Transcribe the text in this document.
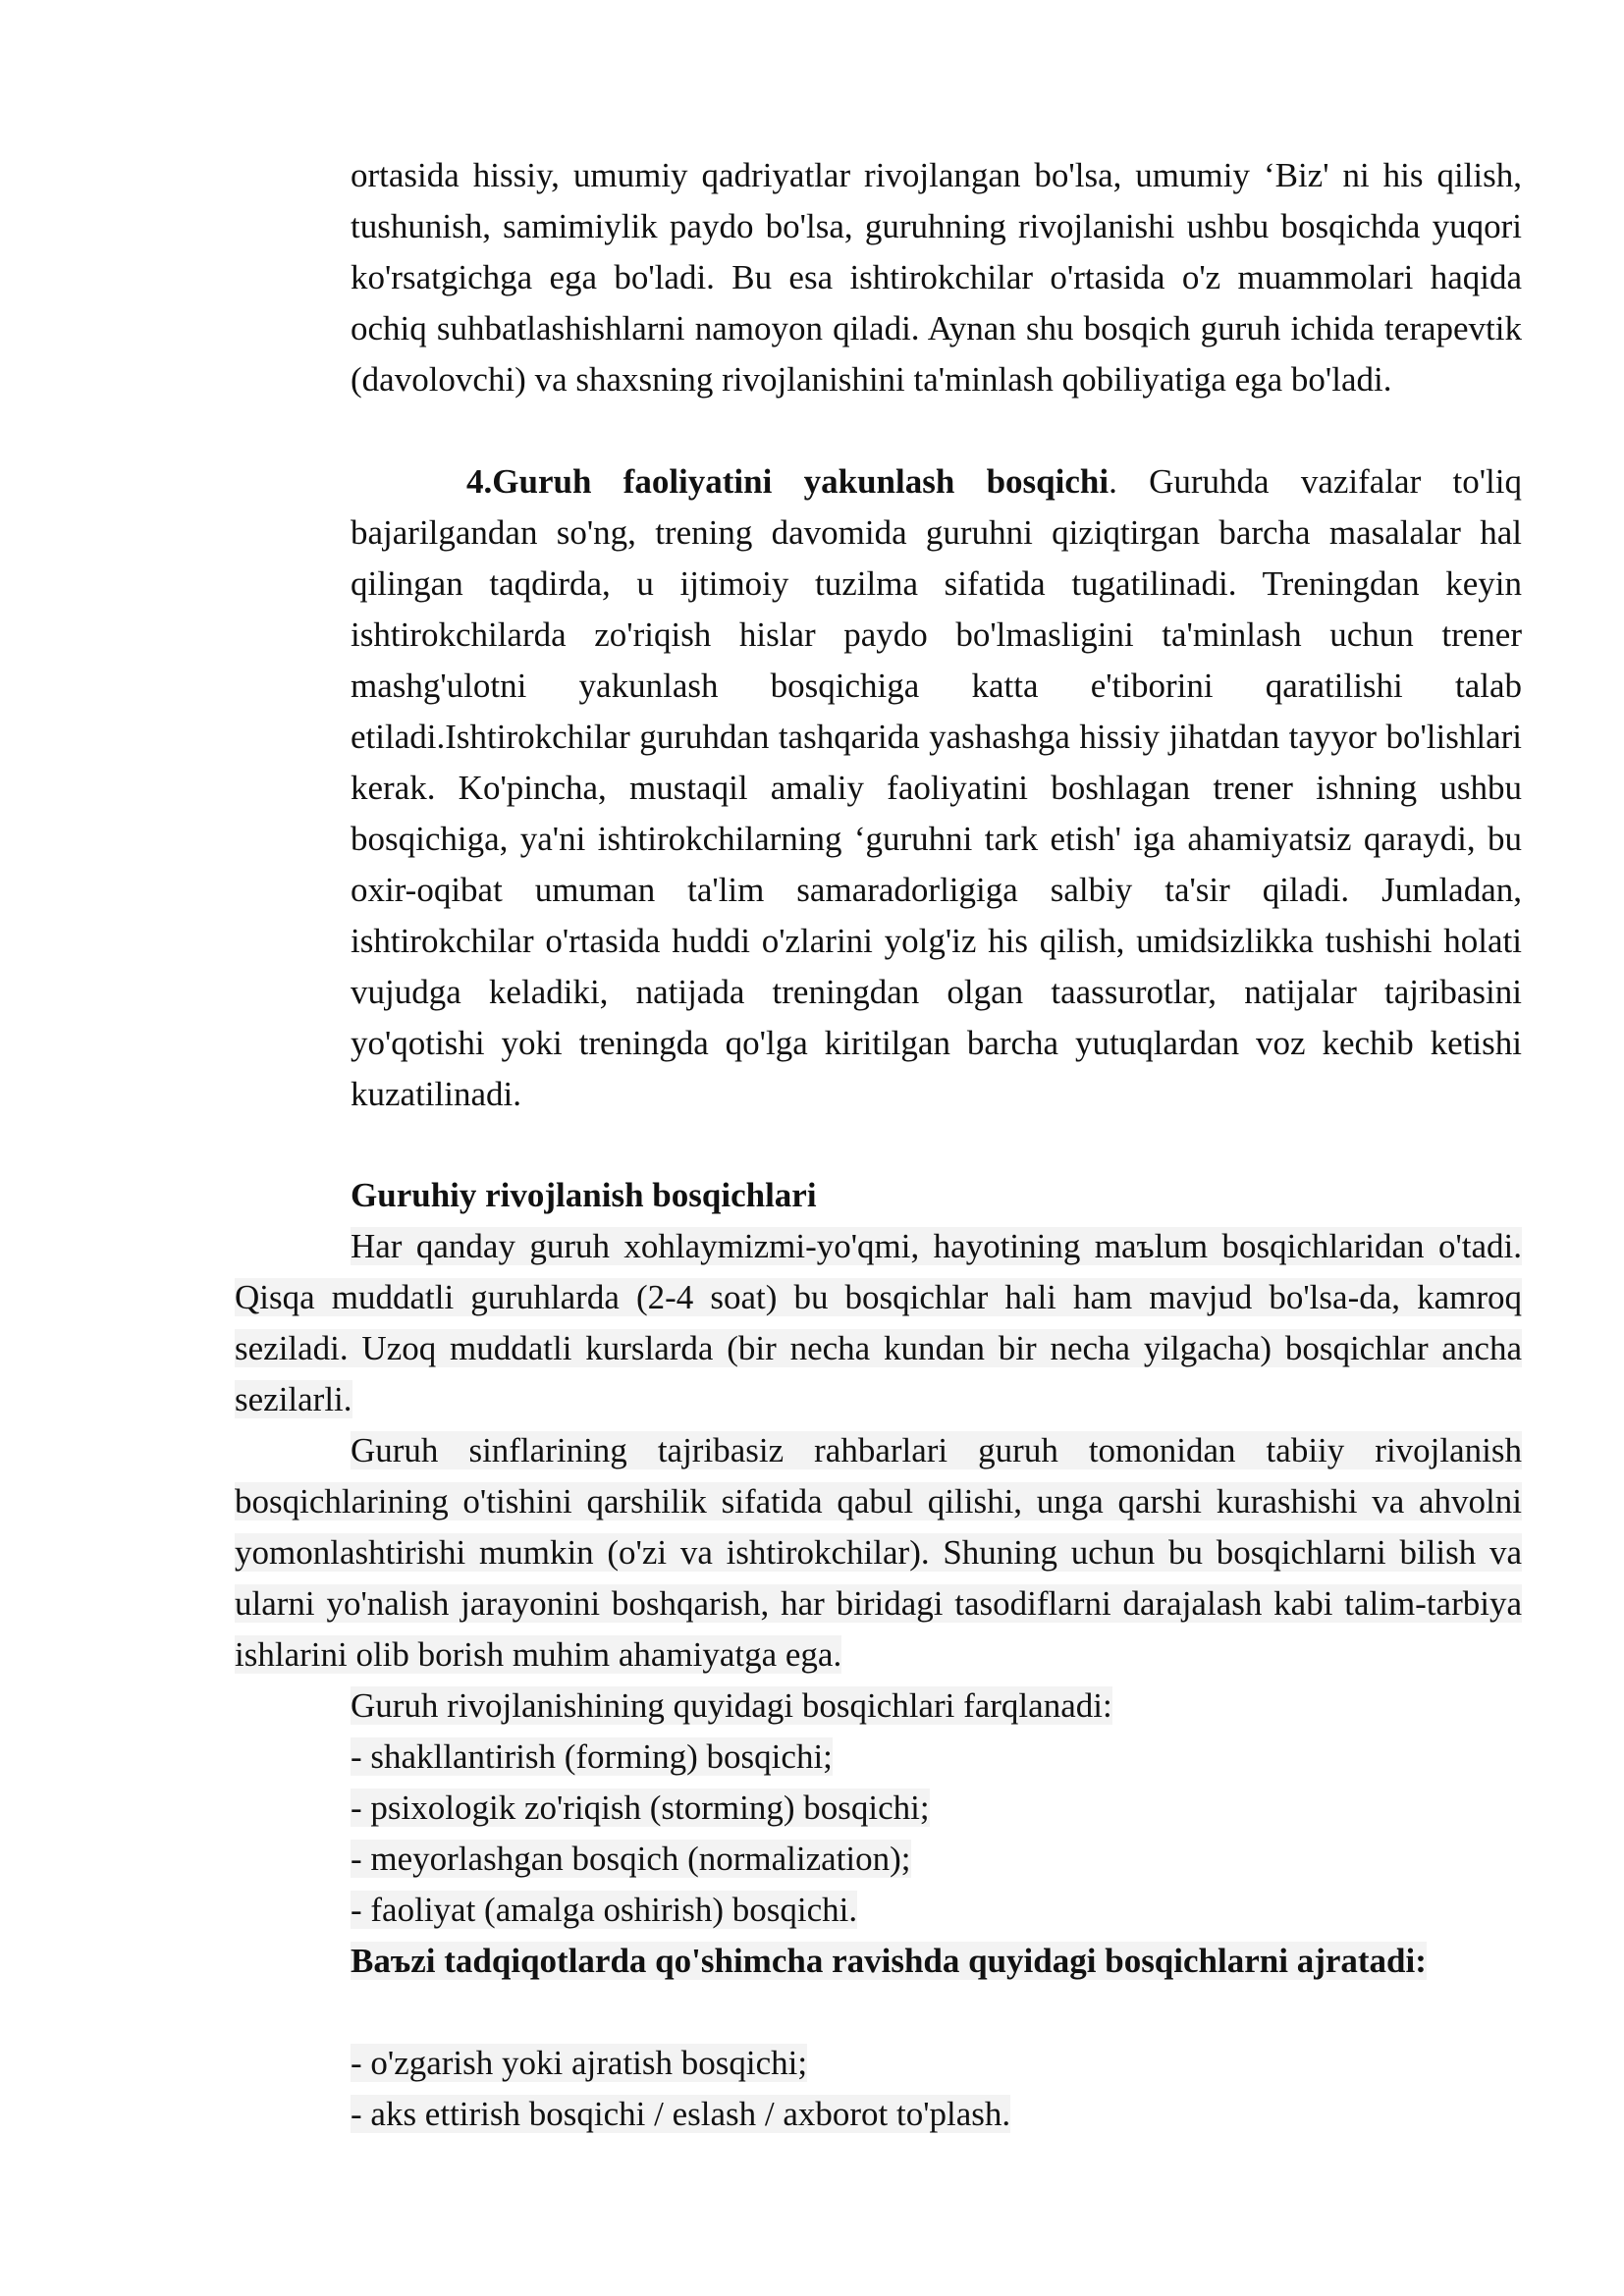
ortasida hissiy, umumiy qadriyatlar rivojlangan bo'lsa, umumiy ‘Biz' ni his qilish, tushunish, samimiylik paydo bo'lsa, guruhning rivojlanishi ushbu bosqichda yuqori ko'rsatgichga ega bo'ladi. Bu esa ishtirokchilar o'rtasida o'z muammolari haqida ochiq suhbatlashishlarni namoyon qiladi. Aynan shu bosqich guruh ichida terapevtik (davolovchi) va shaxsning rivojlanishini ta'minlash qobiliyatiga ega bo'ladi.

4.Guruh faoliyatini yakunlash bosqichi. Guruhda vazifalar to'liq bajarilgandan so'ng, trening davomida guruhni qiziqtirgan barcha masalalar hal qilingan taqdirda, u ijtimoiy tuzilma sifatida tugatilinadi. Treningdan keyin ishtirokchilarda zo'riqish hislar paydo bo'lmasligini ta'minlash uchun trener mashg'ulotni yakunlash bosqichiga katta e'tiborini qaratilishi talab etiladi.Ishtirokchilar guruhdan tashqarida yashashga hissiy jihatdan tayyor bo'lishlari kerak. Ko'pincha, mustaqil amaliy faoliyatini boshlagan trener ishning ushbu bosqichiga, ya'ni ishtirokchilarning ‘guruhni tark etish' iga ahamiyatsiz qaraydi, bu oxir-oqibat umuman ta'lim samaradorligiga salbiy ta'sir qiladi. Jumladan, ishtirokchilar o'rtasida huddi o'zlarini yolg'iz his qilish, umidsizlikka tushishi holati vujudga keladiki, natijada treningdan olgan taassurotlar, natijalar tajribasini yo'qotishi yoki treningda qo'lga kiritilgan barcha yutuqlardan voz kechib ketishi kuzatilinadi.

Guruhiy rivojlanish bosqichlari

Har qanday guruh xohlaymizmi-yo'qmi, hayotining maъlum bosqichlaridan o'tadi. Qisqa muddatli guruhlarda (2-4 soat) bu bosqichlar hali ham mavjud bo'lsa-da, kamroq seziladi. Uzoq muddatli kurslarda (bir necha kundan bir necha yilgacha) bosqichlar ancha sezilarli.

Guruh sinflarining tajribasiz rahbarlari guruh tomonidan tabiiy rivojlanish bosqichlarining o'tishini qarshilik sifatida qabul qilishi, unga qarshi kurashishi va ahvolni yomonlashtirishi mumkin (o'zi va ishtirokchilar). Shuning uchun bu bosqichlarni bilish va ularni yo'nalish jarayonini boshqarish, har biridagi tasodiflarni darajalash kabi talim-tarbiya ishlarini olib borish muhim ahamiyatga ega.

Guruh rivojlanishining quyidagi bosqichlari farqlanadi:

- shakllantirish (forming) bosqichi;

- psixologik zo'riqish (storming) bosqichi;

- meyorlashgan bosqich (normalization);

- faoliyat (amalga oshirish) bosqichi.

Baъzi tadqiqotlarda qo'shimcha ravishda quyidagi bosqichlarni ajratadi:

- o'zgarish yoki ajratish bosqichi;

- aks ettirish bosqichi / eslash / axborot to'plash.
